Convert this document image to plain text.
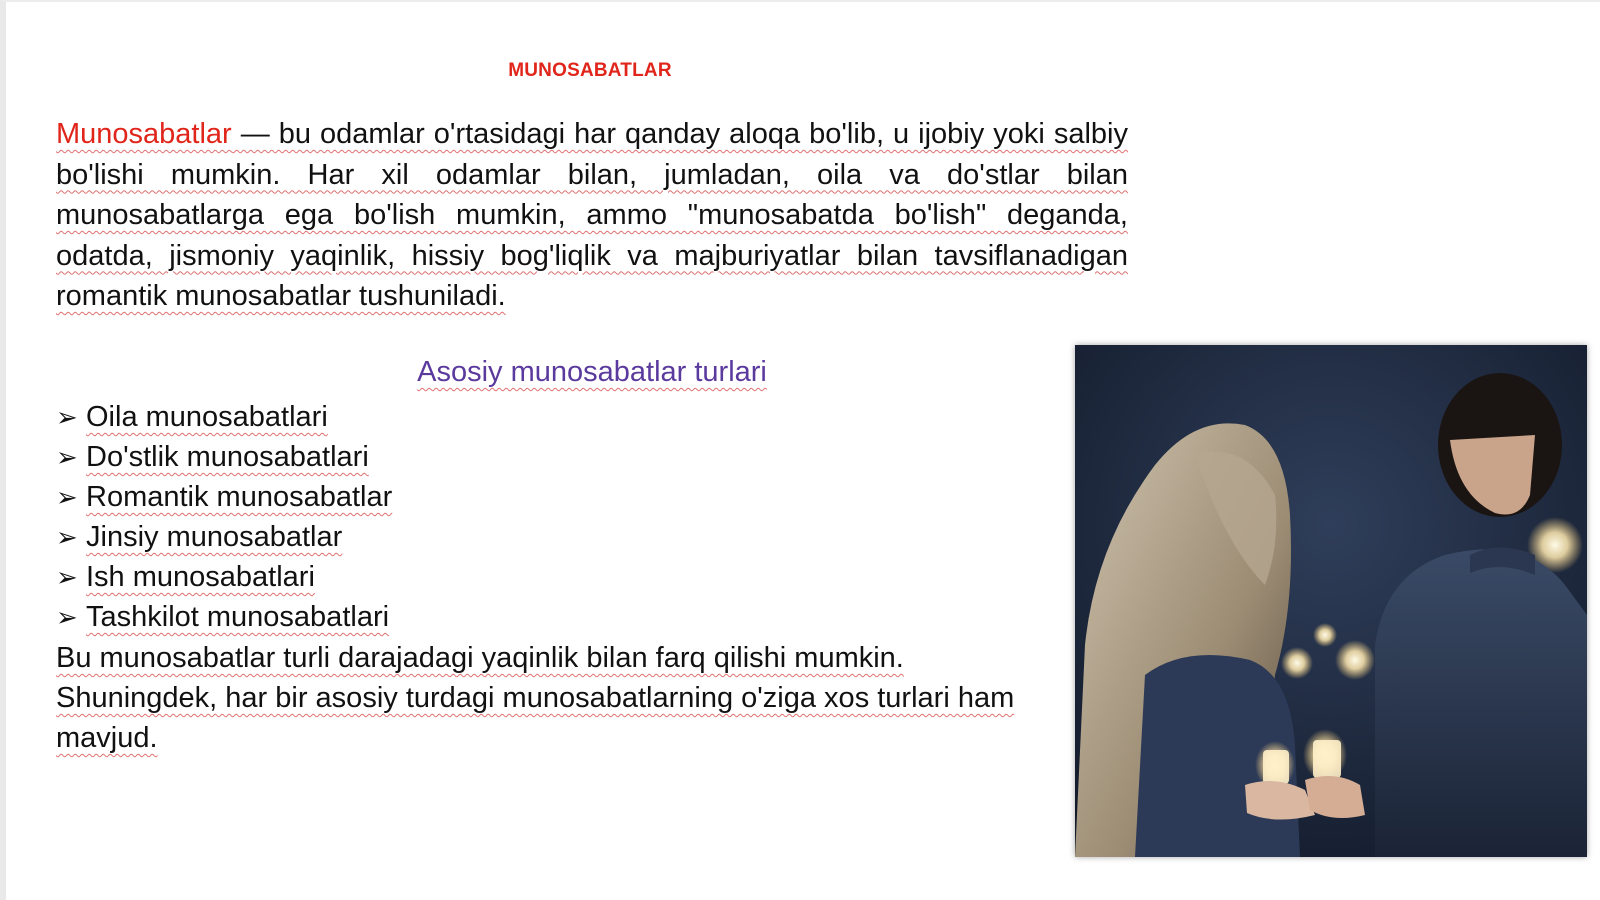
MUNOSABATLAR
Munosabatlar — bu odamlar o'rtasidagi har qanday aloqa bo'lib, u ijobiy yoki salbiy bo'lishi mumkin. Har xil odamlar bilan, jumladan, oila va do'stlar bilan munosabatlarga ega bo'lish mumkin, ammo "munosabatda bo'lish" deganda, odatda, jismoniy yaqinlik, hissiy bog'liqlik va majburiyatlar bilan tavsiflanadigan romantik munosabatlar tushuniladi.
Asosiy munosabatlar turlari
➢ Oila munosabatlari
➢ Do'stlik munosabatlari
➢ Romantik munosabatlar
➢ Jinsiy munosabatlar
➢ Ish munosabatlari
➢ Tashkilot munosabatlari
Bu munosabatlar turli darajadagi yaqinlik bilan farq qilishi mumkin.
Shuningdek, har bir asosiy turdagi munosabatlarning o'ziga xos turlari ham mavjud.
